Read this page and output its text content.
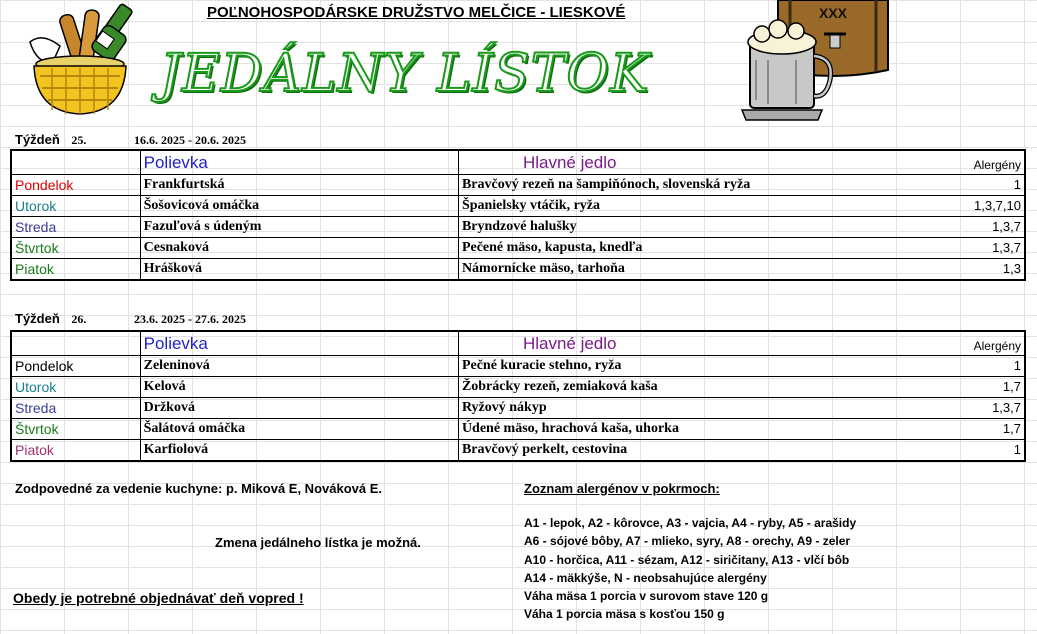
XXX
POĽNOHOSPODÁRSKE DRUŽSTVO MELČICE - LIESKOVÉ
JEDÁLNY LÍSTOK
Týždeň 25.	16.6. 2025 - 20.6. 2025
	Polievka	Hlavné jedlo Alergény

Pondelok	Frankfurtská	Bravčový rezeň na šampiňónoch, slovenská ryža 1

Utorok	Šošovicová omáčka	Španielsky vtáčik, ryža 1,3,7,10

Streda	Fazuľová s údeným	Bryndzové halušky 1,3,7

Štvrtok	Cesnaková	Pečené mäso, kapusta, knedľa 1,3,7

Piatok	Hrášková	Námornícke mäso, tarhoňa 1,3
Týždeň 26.	23.6. 2025 - 27.6. 2025
	Polievka	Hlavné jedlo Alergény

Pondelok	Zeleninová	Pečné kuracie stehno, ryža 1

Utorok	Kelová	Žobrácky rezeň, zemiaková kaša 1,7

Streda	Držková	Ryžový nákyp 1,3,7

Štvrtok	Šalátová omáčka	Údené mäso, hrachová kaša, uhorka 1,7

Piatok	Karfiolová	Bravčový perkelt, cestovina 1
Zodpovedné za vedenie kuchyne: p. Miková E, Nováková E.
Zmena jedálneho lístka je možná.
Obedy je potrebné objednávať deň vopred !
Zoznam alergénov v pokrmoch:
A1 - lepok, A2 - kôrovce, A3 - vajcia, A4 - ryby, A5 - arašidy
A6 - sójové bôby, A7 - mlieko, syry, A8 - orechy, A9 - zeler
A10 - horčica, A11 - sézam, A12 - siričitany, A13 - vlčí bôb
A14 - mäkkýše, N - neobsahujúce alergény
Váha mäsa 1 porcia v surovom stave 120 g
Váha 1 porcia mäsa s kosťou 150 g
